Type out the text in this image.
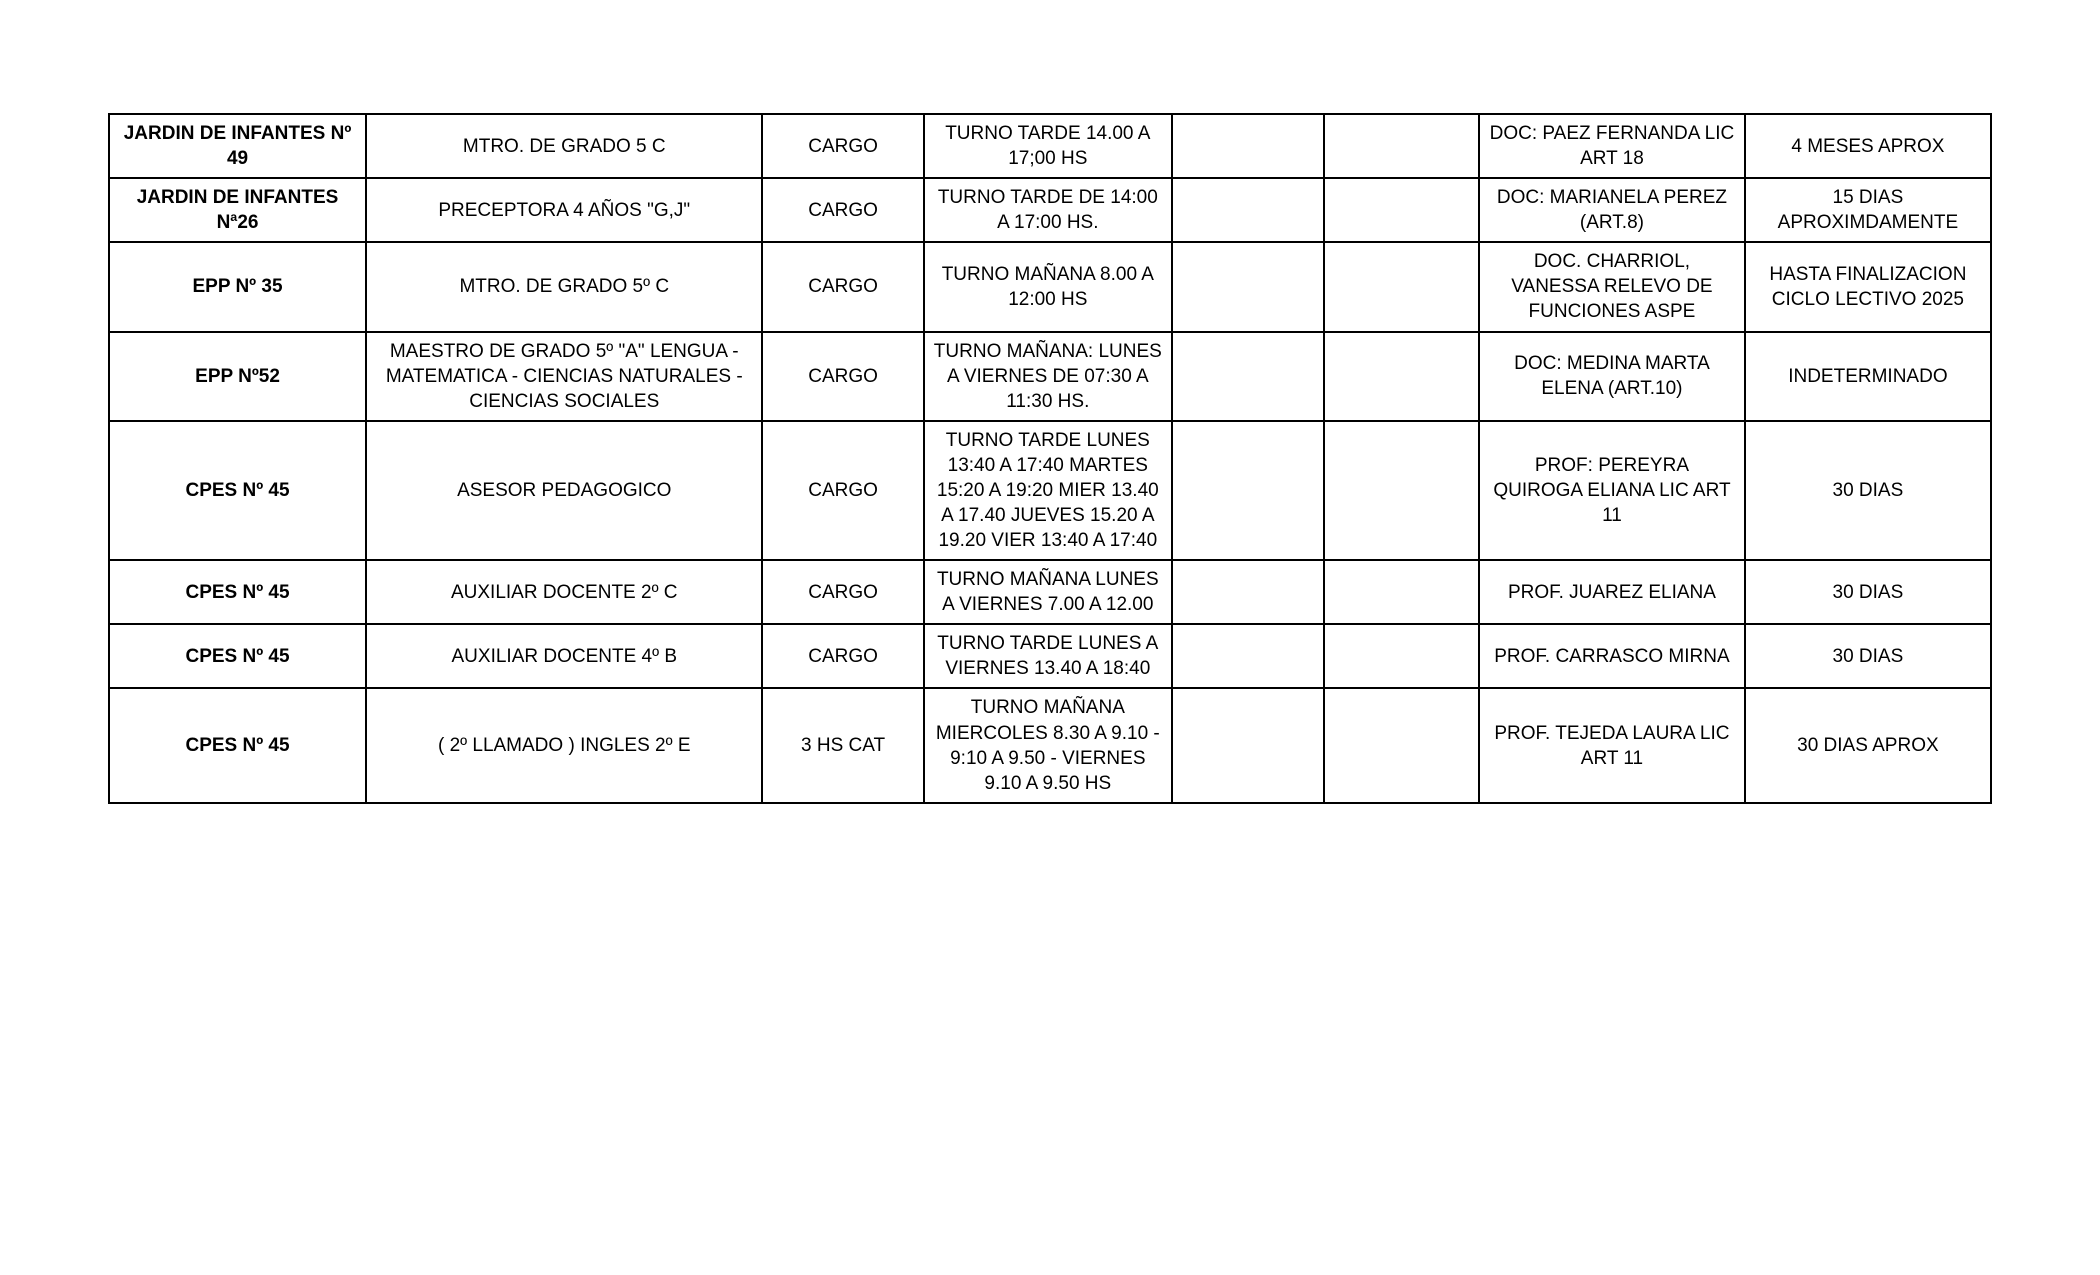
JARDIN DE INFANTES Nº 49	MTRO. DE GRADO 5 C	CARGO	TURNO TARDE 14.00 A 17;00 HS			DOC: PAEZ FERNANDA LIC ART 18	4 MESES APROX
JARDIN DE INFANTES Nª26	PRECEPTORA 4 AÑOS "G,J"	CARGO	TURNO TARDE DE 14:00 A 17:00 HS.			DOC: MARIANELA PEREZ (ART.8)	15 DIAS APROXIMDAMENTE
EPP Nº 35	MTRO. DE GRADO 5º C	CARGO	TURNO MAÑANA 8.00 A 12:00 HS			DOC. CHARRIOL, VANESSA RELEVO DE FUNCIONES ASPE	HASTA FINALIZACION CICLO LECTIVO 2025
EPP Nº52	MAESTRO DE GRADO 5º "A" LENGUA - MATEMATICA - CIENCIAS NATURALES - CIENCIAS SOCIALES	CARGO	TURNO MAÑANA: LUNES A VIERNES DE 07:30 A 11:30 HS.			DOC: MEDINA MARTA ELENA (ART.10)	INDETERMINADO
CPES Nº 45	ASESOR PEDAGOGICO	CARGO	TURNO TARDE LUNES 13:40 A 17:40 MARTES 15:20 A 19:20 MIER 13.40 A 17.40 JUEVES 15.20 A 19.20 VIER 13:40 A 17:40			PROF: PEREYRA QUIROGA ELIANA LIC ART 11	30 DIAS
CPES Nº 45	AUXILIAR DOCENTE 2º C	CARGO	TURNO MAÑANA LUNES A VIERNES 7.00 A 12.00			PROF. JUAREZ ELIANA	30 DIAS
CPES Nº 45	AUXILIAR DOCENTE 4º B	CARGO	TURNO TARDE LUNES A VIERNES 13.40 A 18:40			PROF. CARRASCO MIRNA	30 DIAS
CPES Nº 45	( 2º LLAMADO ) INGLES 2º E	3 HS CAT	TURNO MAÑANA MIERCOLES 8.30 A 9.10 - 9:10 A 9.50 - VIERNES 9.10 A 9.50 HS			PROF. TEJEDA LAURA LIC ART 11	30 DIAS APROX
